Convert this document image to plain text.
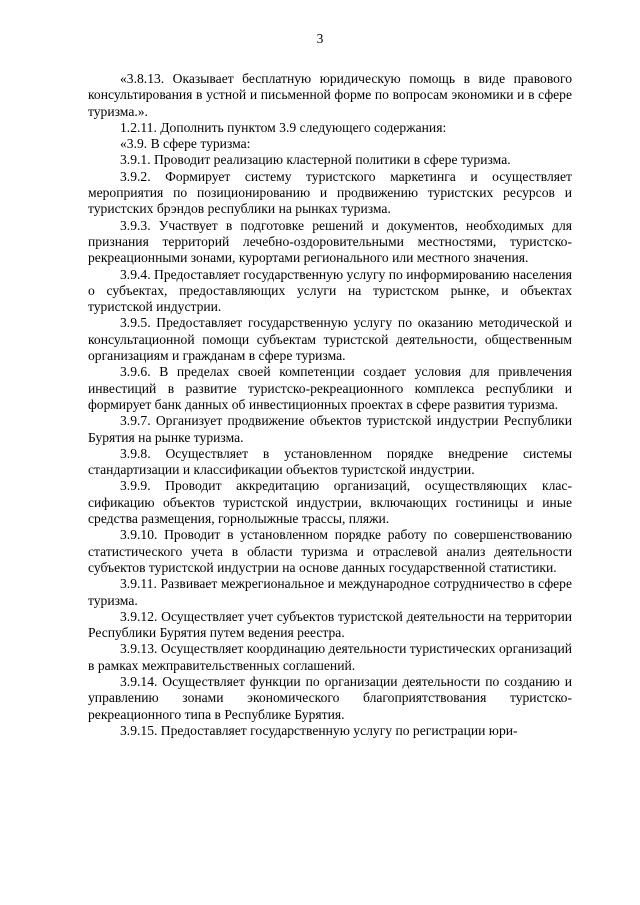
3

«3.8.13. Оказывает бесплатную юридическую помощь в виде правового консультирования в устной и письменной форме по вопросам экономики и в сфере туризма.».

1.2.11. Дополнить пунктом 3.9 следующего содержания:

«3.9. В сфере туризма:

3.9.1. Проводит реализацию кластерной политики в сфере туризма.

3.9.2. Формирует систему туристского маркетинга и осуществляет мероприятия по позиционированию и продвижению туристских ресурсов и туристских брэндов республики на рынках туризма.

3.9.3. Участвует в подготовке решений и документов, необходимых для признания территорий лечебно-оздоровительными местностями, туристско-рекреационными зонами, курортами регионального или местного значения.

3.9.4. Предоставляет государственную услугу по информированию населения о субъектах, предоставляющих услуги на туристском рынке, и объектах туристской индустрии.

3.9.5. Предоставляет государственную услугу по оказанию методической и консультационной помощи субъектам туристской деятельности, общественным организациям и гражданам в сфере туризма.

3.9.6. В пределах своей компетенции создает условия для привлечения инвестиций в развитие туристско-рекреационного комплекса республики и формирует банк данных об инвестиционных проектах в сфере развития туризма.

3.9.7. Организует продвижение объектов туристской индустрии Республики Бурятия на рынке туризма.

3.9.8. Осуществляет в установленном порядке внедрение системы стандартизации и классификации объектов туристской индустрии.

3.9.9. Проводит аккредитацию организаций, осуществляющих классификацию объектов туристской индустрии, включающих гостиницы и иные средства размещения, горнолыжные трассы, пляжи.

3.9.10. Проводит в установленном порядке работу по совершенствованию статистического учета в области туризма и отраслевой анализ деятельности субъектов туристской индустрии на основе данных государственной статистики.

3.9.11. Развивает межрегиональное и международное сотрудничество в сфере туризма.

3.9.12. Осуществляет учет субъектов туристской деятельности на территории Республики Бурятия путем ведения реестра.

3.9.13. Осуществляет координацию деятельности туристических организаций в рамках межправительственных соглашений.

3.9.14. Осуществляет функции по организации деятельности по созданию и управлению зонами экономического благоприятствования туристско-рекреационного типа в Республике Бурятия.

3.9.15. Предоставляет государственную услугу по регистрации юри-
